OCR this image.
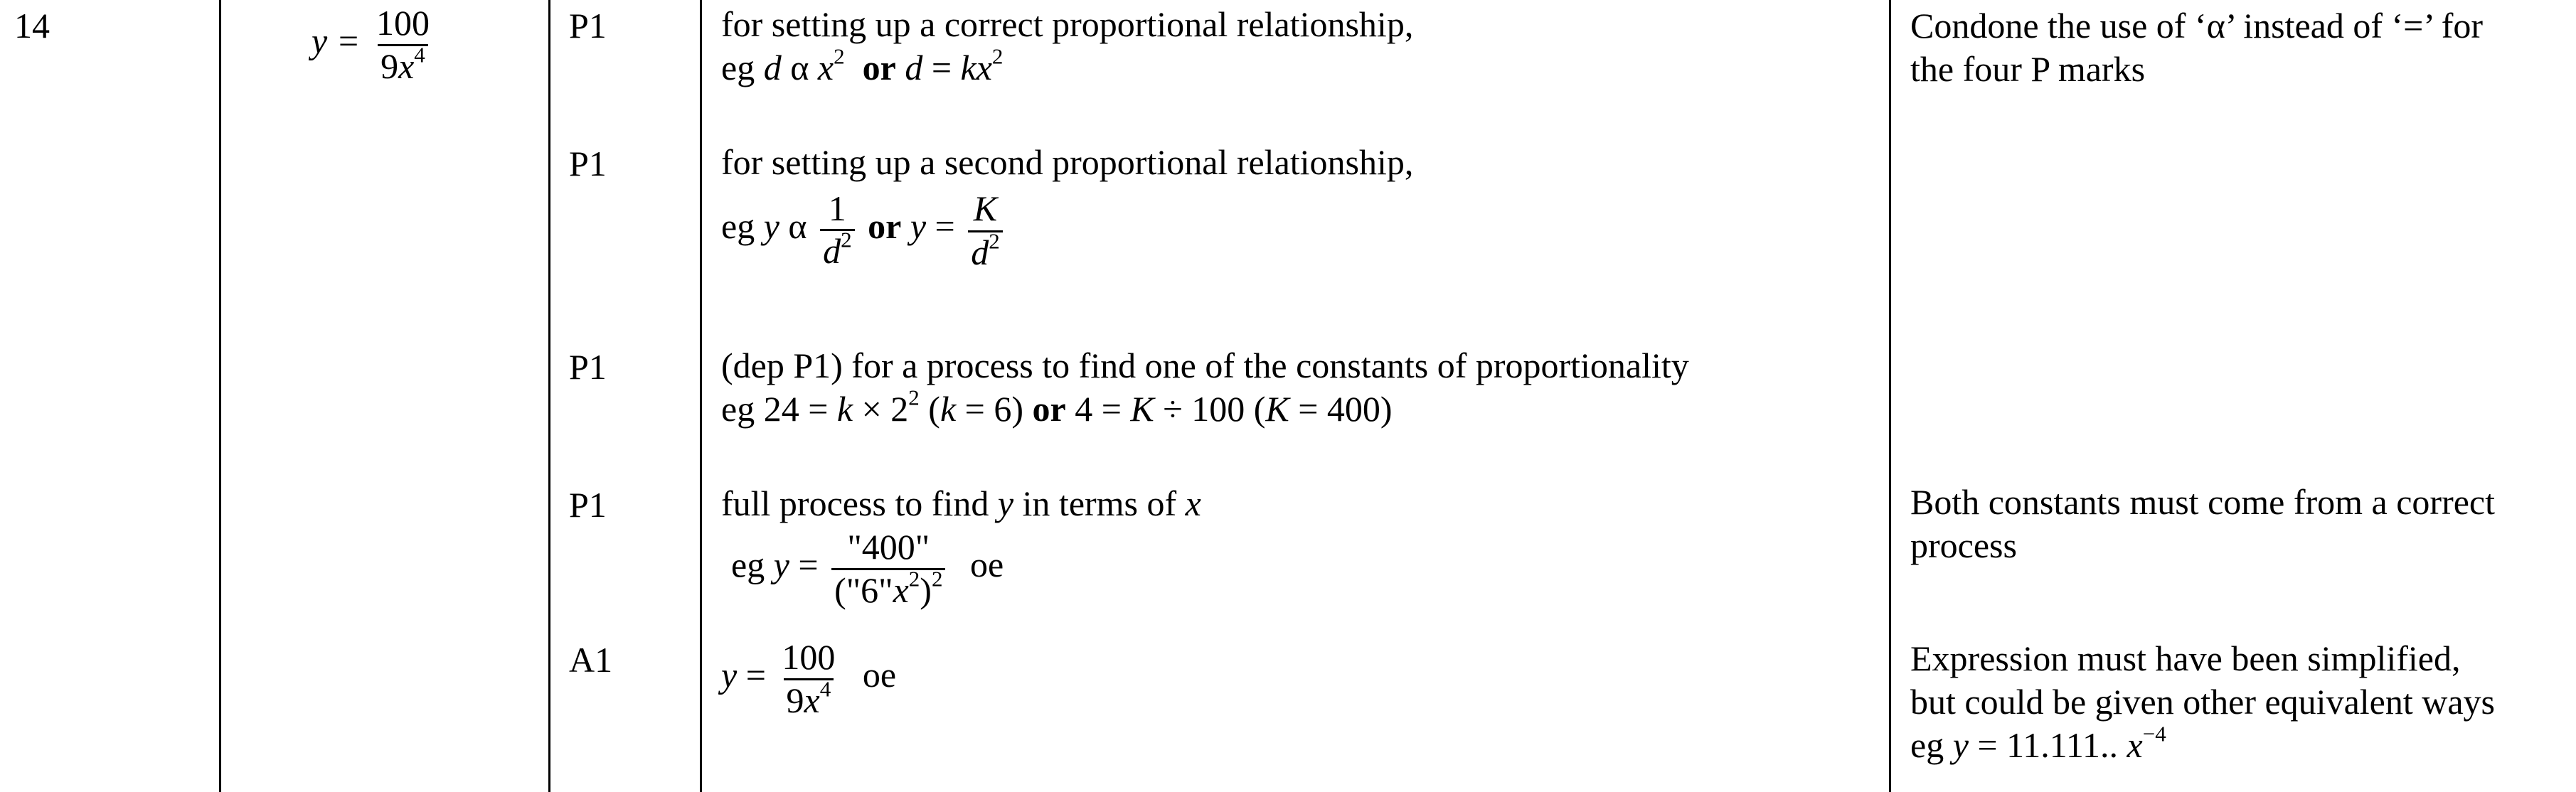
14	$y = \frac{100}{9x^4}$	P1
P1
P1
P1
A1
for setting up a correct proportional relationship,
eg d α $x^2$ or $d = kx^2$
for setting up a second proportional relationship,
eg y α $\frac{1}{d^2}$ or $y = \frac{K}{d^2}$
(dep P1) for a process to find one of the constants of proportionality
eg $24 = k \times 2^2$ (k = 6) or 4 = K ÷ 100 (K = 400)
full process to find y in terms of x
eg $y = \frac{"400"}{("6"x^2)^2}$ oe
$y = \frac{100}{9x^4}$ oe
Condone the use of ‘α’ instead of ‘=’ for
the four P marks
Both constants must come from a correct
process
Expression must have been simplified,
but could be given other equivalent ways
eg y = 11.111.. $x^{-4}$
